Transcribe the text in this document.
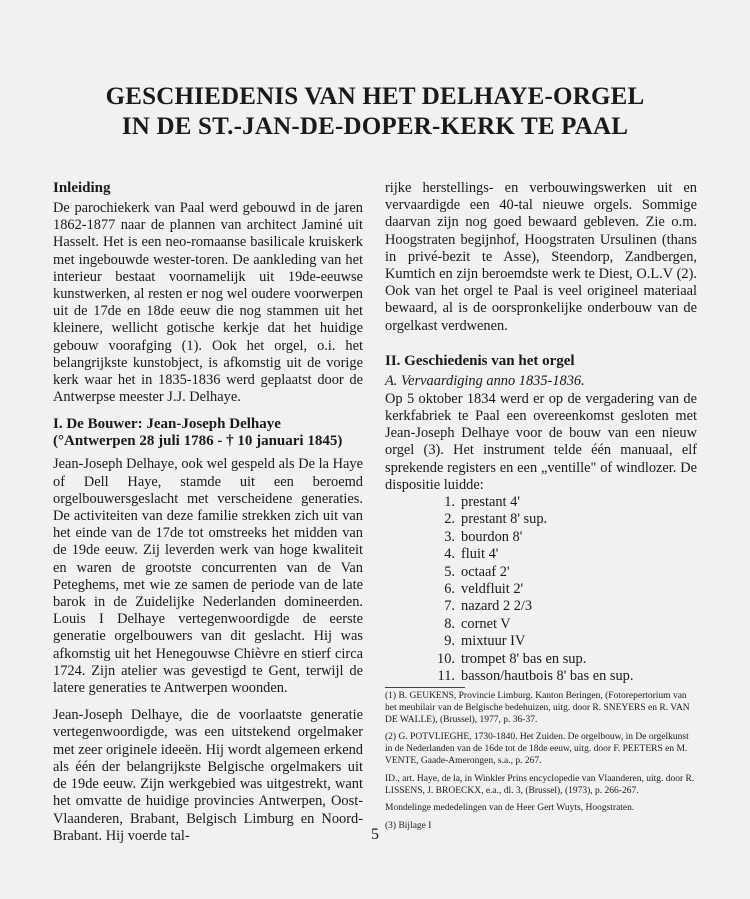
GESCHIEDENIS VAN HET DELHAYE-ORGEL
IN DE ST.-JAN-DE-DOPER-KERK TE PAAL
Inleiding

De parochiekerk van Paal werd gebouwd in de jaren 1862-1877 naar de plannen van architect Jaminé uit Hasselt. Het is een neo-romaanse basilicale kruiskerk met ingebouwde wester-toren. De aankleding van het interieur bestaat voornamelijk uit 19de-eeuwse kunstwerken, al resten er nog wel oudere voorwerpen uit de 17de en 18de eeuw die nog stammen uit het kleinere, wellicht gotische kerkje dat het huidige gebouw voorafging (1). Ook het orgel, o.i. het belangrijkste kunstobject, is afkomstig uit de vorige kerk waar het in 1835-1836 werd geplaatst door de Antwerpse meester J.J. Delhaye.

I. De Bouwer: Jean-Joseph Delhaye
(°Antwerpen 28 juli 1786 - † 10 januari 1845)

Jean-Joseph Delhaye, ook wel gespeld als De la Haye of Dell Haye, stamde uit een beroemd orgelbouwersgeslacht met verscheidene generaties. De activiteiten van deze familie strekken zich uit van het einde van de 17de tot omstreeks het midden van de 19de eeuw. Zij leverden werk van hoge kwaliteit en waren de grootste concurrenten van de Van Peteghems, met wie ze samen de periode van de late barok in de Zuidelijke Nederlanden domineerden. Louis I Delhaye vertegenwoordigde de eerste generatie orgelbouwers van dit geslacht. Hij was afkomstig uit het Henegouwse Chièvre en stierf circa 1724. Zijn atelier was gevestigd te Gent, terwijl de latere generaties te Antwerpen woonden.

Jean-Joseph Delhaye, die de voorlaatste generatie vertegenwoordigde, was een uitstekend orgelmaker met zeer originele ideeën. Hij wordt algemeen erkend als één der belangrijkste Belgische orgelmakers uit de 19de eeuw. Zijn werkgebied was uitgestrekt, want het omvatte de huidige provincies Antwerpen, Oost-Vlaanderen, Brabant, Belgisch Limburg en Noord-Brabant. Hij voerde tal-

rijke herstellings- en verbouwingswerken uit en vervaardigde een 40-tal nieuwe orgels. Sommige daarvan zijn nog goed bewaard gebleven. Zie o.m. Hoogstraten begijnhof, Hoogstraten Ursulinen (thans in privé-bezit te Asse), Steendorp, Zandbergen, Kumtich en zijn beroemdste werk te Diest, O.L.V (2). Ook van het orgel te Paal is veel origineel materiaal bewaard, al is de oorspronkelijke onderbouw van de orgelkast verdwenen.

II. Geschiedenis van het orgel
A. Vervaardiging anno 1835-1836.

Op 5 oktober 1834 werd er op de vergadering van de kerkfabriek te Paal een overeenkomst gesloten met Jean-Joseph Delhaye voor de bouw van een nieuw orgel (3). Het instrument telde één manuaal, elf sprekende registers en een „ventille" of windlozer. De dispositie luidde:

1. prestant 4'
2. prestant 8' sup.
3. bourdon 8'
4. fluit 4'
5. octaaf 2'
6. veldfluit 2'
7. nazard 2 2/3
8. cornet V
9. mixtuur IV
10. trompet 8' bas en sup.
11. basson/hautbois 8' bas en sup.

(1) B. GEUKENS, Provincie Limburg. Kanton Beringen, (Fotorepertorium van het meubilair van de Belgische bedehuizen, uitg. door R. SNEYERS en R. VAN DE WALLE), (Brussel), 1977, p. 36-37.

(2) G. POTVLIEGHE, 1730-1840. Het Zuiden. De orgelbouw, in De orgelkunst in de Nederlanden van de 16de tot de 18de eeuw, uitg. door F. PEETERS en M. VENTE, Gaade-Amerongen, s.a., p. 267.

ID., art. Haye, de la, in Winkler Prins encyclopedie van Vlaanderen, uitg. door R. LISSENS, J. BROECKX, e.a., dl. 3, (Brussel), (1973), p. 266-267.

Mondelinge mededelingen van de Heer Gert Wuyts, Hoogstraten.

(3) Bijlage I

5
